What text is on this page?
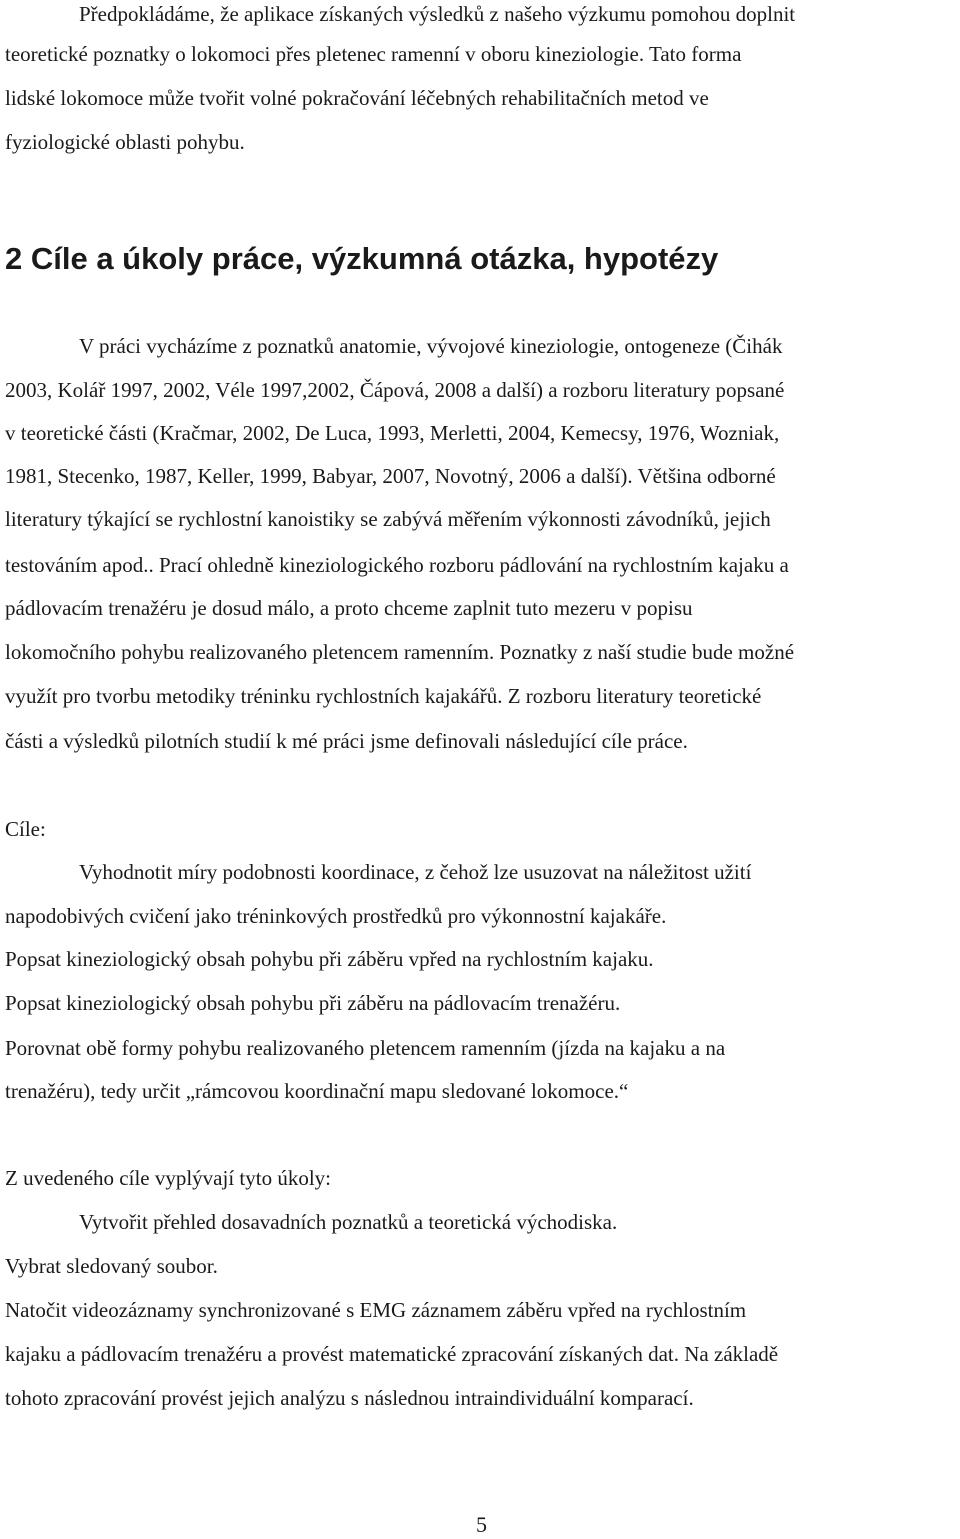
Předpokládáme, že aplikace získaných výsledků z našeho výzkumu pomohou doplnit
teoretické poznatky o lokomoci přes pletenec ramenní v oboru kineziologie. Tato forma
lidské lokomoce může tvořit volné pokračování léčebných rehabilitačních metod ve
fyziologické oblasti pohybu.
2 Cíle a úkoly práce, výzkumná otázka, hypotézy
V práci vycházíme z poznatků anatomie, vývojové kineziologie, ontogeneze (Čihák
2003, Kolář 1997, 2002, Véle 1997,2002, Čápová, 2008 a další) a rozboru literatury popsané
v teoretické části (Kračmar, 2002, De Luca, 1993, Merletti, 2004, Kemecsy, 1976, Wozniak,
1981, Stecenko, 1987, Keller, 1999, Babyar, 2007, Novotný, 2006 a další). Většina odborné
literatury týkající se rychlostní kanoistiky se zabývá měřením výkonnosti závodníků, jejich
testováním apod.. Prací ohledně kineziologického rozboru pádlování na rychlostním kajaku a
pádlovacím trenažéru je dosud málo, a proto chceme zaplnit tuto mezeru v popisu
lokomočního pohybu realizovaného pletencem ramenním. Poznatky z naší studie bude možné
využít pro tvorbu metodiky tréninku rychlostních kajakářů. Z rozboru literatury teoretické
části a výsledků pilotních studií k mé práci jsme definovali následující cíle práce.
Cíle:
Vyhodnotit míry podobnosti koordinace, z čehož lze usuzovat na náležitost užití
napodobivých cvičení jako tréninkových prostředků pro výkonnostní kajakáře.
Popsat kineziologický obsah pohybu při záběru vpřed na rychlostním kajaku.
Popsat kineziologický obsah pohybu při záběru na pádlovacím trenažéru.
Porovnat obě formy pohybu realizovaného pletencem ramenním (jízda na kajaku a na
trenažéru), tedy určit „rámcovou koordinační mapu sledované lokomoce.“
Z uvedeného cíle vyplývají tyto úkoly:
Vytvořit přehled dosavadních poznatků a teoretická východiska.
Vybrat sledovaný soubor.
Natočit videozáznamy synchronizované s EMG záznamem záběru vpřed na rychlostním
kajaku a pádlovacím trenažéru a provést matematické zpracování získaných dat. Na základě
tohoto zpracování provést jejich analýzu s následnou intraindividuální komparací.
5
